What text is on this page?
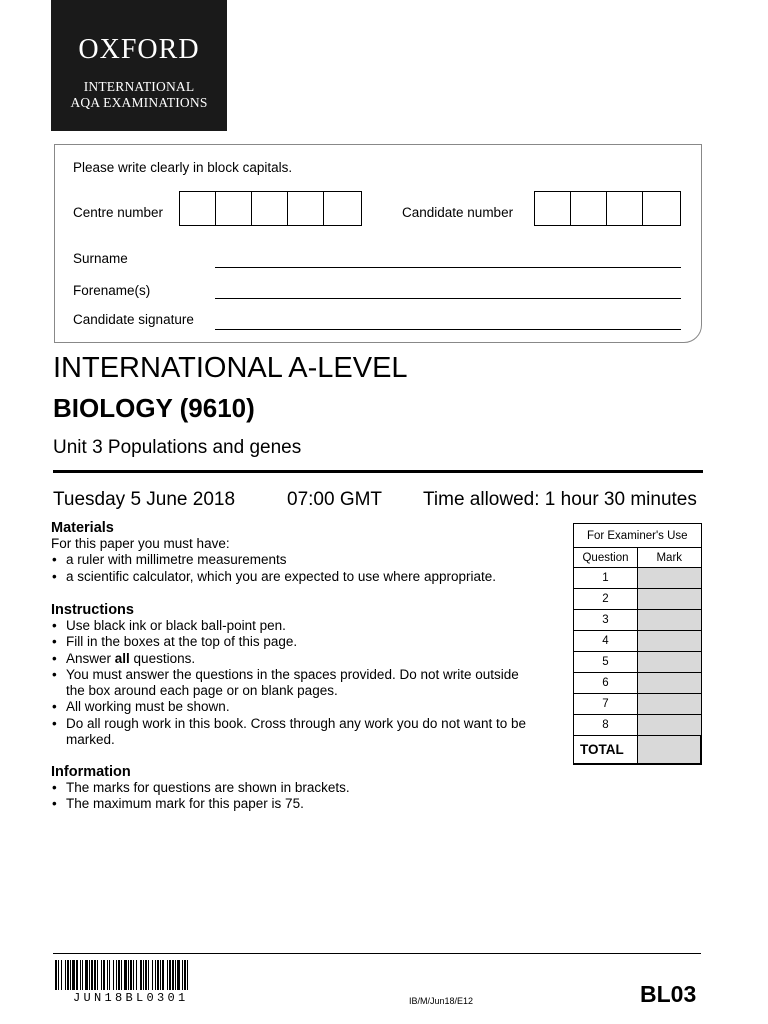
OXFORD
INTERNATIONAL
AQA EXAMINATIONS
Please write clearly in block capitals.
Centre number	Candidate number
Surname
Forename(s)
Candidate signature
INTERNATIONAL A-LEVEL
BIOLOGY (9610)
Unit 3 Populations and genes
Tuesday 5 June 2018	07:00 GMT Time allowed: 1 hour 30 minutes
Materials
For this paper you must have:
• a ruler with millimetre measurements
• a scientific calculator, which you are expected to use where appropriate.
Instructions
• Use black ink or black ball-point pen.
• Fill in the boxes at the top of this page.
• Answer all questions.
• You must answer the questions in the spaces provided. Do not write outside the box around each page or on blank pages.
• All working must be shown.
• Do all rough work in this book. Cross through any work you do not want to be marked.
Information
• The marks for questions are shown in brackets.
• The maximum mark for this paper is 75.
For Examiner's Use	
Question	Mark
1	
2	
3	
4	
5	
6	
7	
8	
TOTAL	
JUN18BL0301	IB/M/Jun18/E12	BL03
